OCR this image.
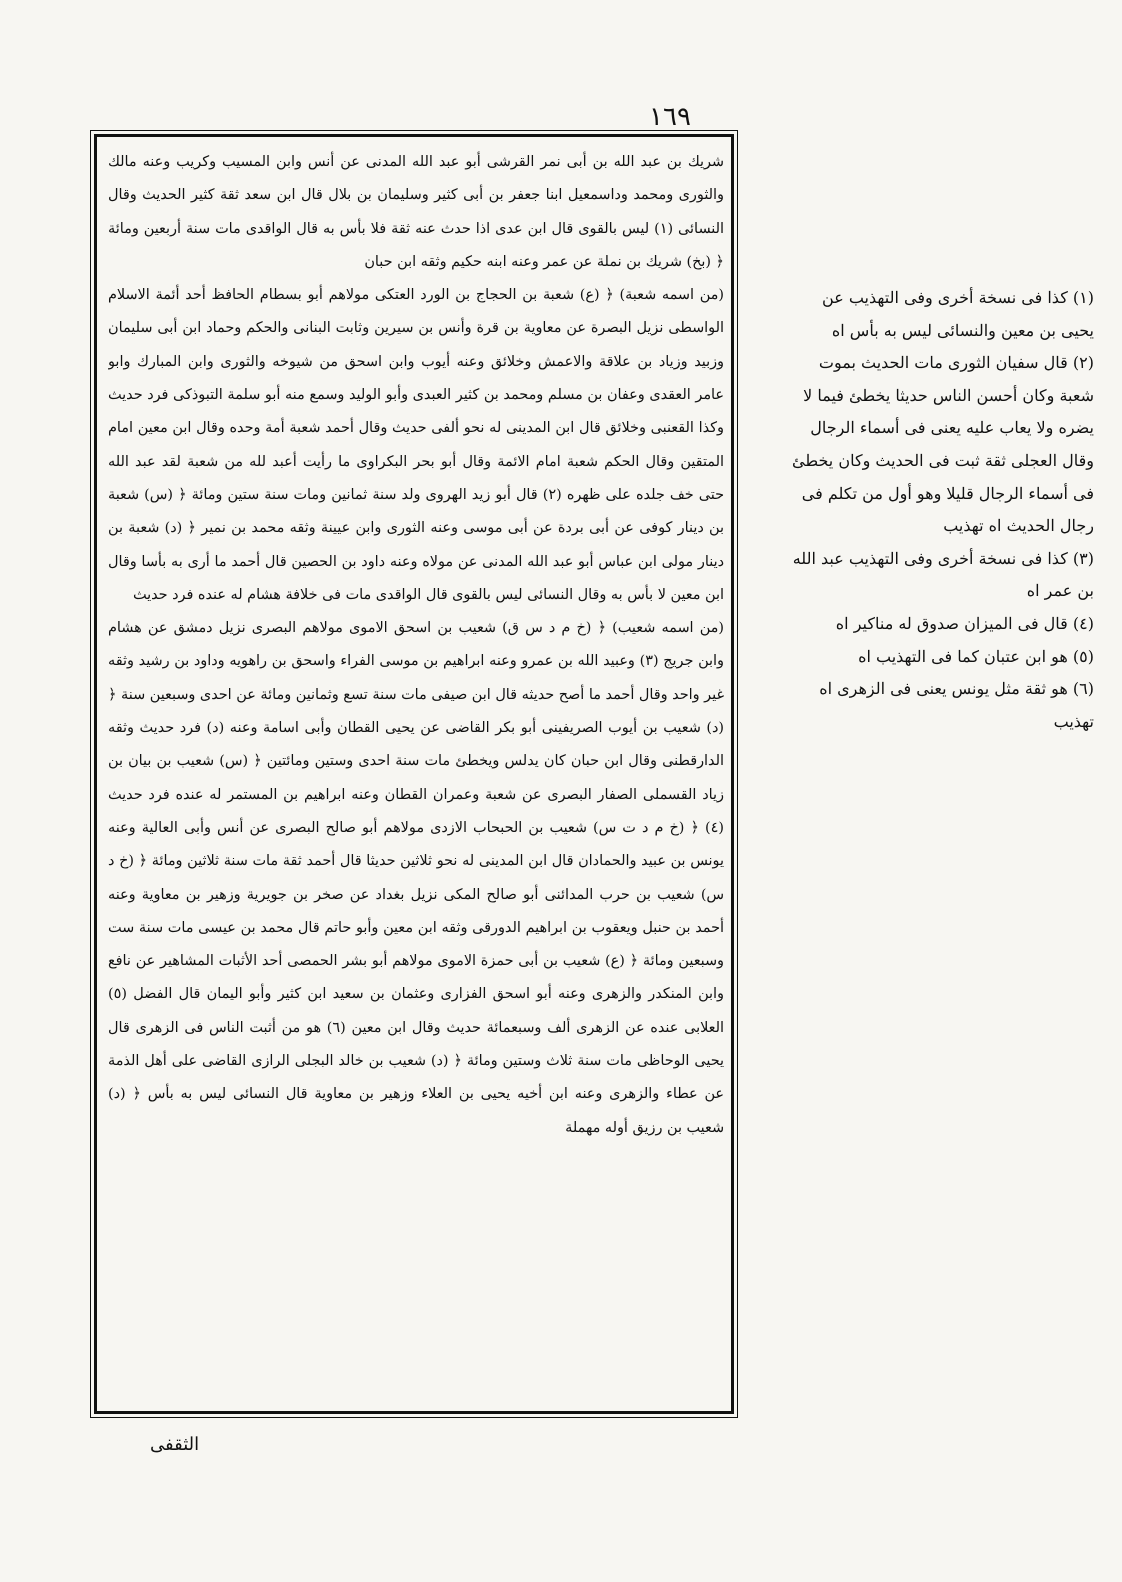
١٦٩

شريك بن عبد الله بن أبى نمر القرشى أبو عبد الله المدنى عن أنس وابن المسيب وكريب وعنه مالك والثورى ومحمد وداسمعيل ابنا جعفر بن أبى كثير وسليمان بن بلال قال ابن سعد ثقة كثير الحديث وقال النسائى (١) ليس بالقوى قال ابن عدى اذا حدث عنه ثقة فلا بأس به قال الواقدى مات سنة أربعين ومائة ﴿ (بخ) شريك بن نملة عن عمر وعنه ابنه حكيم وثقه ابن حبان

(من اسمه شعبة) ﴿ (ع) شعبة بن الحجاج بن الورد العتكى مولاهم أبو بسطام الحافظ أحد أئمة الاسلام الواسطى نزيل البصرة عن معاوية بن قرة وأنس بن سيرين وثابت البنانى والحكم وحماد ابن أبى سليمان وزبيد وزياد بن علاقة والاعمش وخلائق وعنه أيوب وابن اسحق من شيوخه والثورى وابن المبارك وابو عامر العقدى وعفان بن مسلم ومحمد بن كثير العبدى وأبو الوليد وسمع منه أبو سلمة التبوذكى فرد حديث وكذا القعنبى وخلائق قال ابن المدينى له نحو ألفى حديث وقال أحمد شعبة أمة وحده وقال ابن معين امام المتقين وقال الحكم شعبة امام الائمة وقال أبو بحر البكراوى ما رأيت أعبد لله من شعبة لقد عبد الله حتى خف جلده على ظهره (٢) قال أبو زيد الهروى ولد سنة ثمانين ومات سنة ستين ومائة ﴿ (س) شعبة بن دينار كوفى عن أبى بردة عن أبى موسى وعنه الثورى وابن عيينة وثقه محمد بن نمير ﴿ (د) شعبة بن دينار مولى ابن عباس أبو عبد الله المدنى عن مولاه وعنه داود بن الحصين قال أحمد ما أرى به بأسا وقال ابن معين لا بأس به وقال النسائى ليس بالقوى قال الواقدى مات فى خلافة هشام له عنده فرد حديث

(من اسمه شعيب) ﴿ (خ م د س ق) شعيب بن اسحق الاموى مولاهم البصرى نزيل دمشق عن هشام وابن جريج (٣) وعبيد الله بن عمرو وعنه ابراهيم بن موسى الفراء واسحق بن راهويه وداود بن رشيد وثقه غير واحد وقال أحمد ما أصح حديثه قال ابن صيفى مات سنة تسع وثمانين ومائة عن احدى وسبعين سنة ﴿ (د) شعيب بن أيوب الصريفينى أبو بكر القاضى عن يحيى القطان وأبى اسامة وعنه (د) فرد حديث وثقه الدارقطنى وقال ابن حبان كان يدلس ويخطئ مات سنة احدى وستين ومائتين ﴿ (س) شعيب بن بيان بن زياد القسملى الصفار البصرى عن شعبة وعمران القطان وعنه ابراهيم بن المستمر له عنده فرد حديث (٤) ﴿ (خ م د ت س) شعيب بن الحبحاب الازدى مولاهم أبو صالح البصرى عن أنس وأبى العالية وعنه يونس بن عبيد والحمادان قال ابن المدينى له نحو ثلاثين حديثا قال أحمد ثقة مات سنة ثلاثين ومائة ﴿ (خ د س) شعيب بن حرب المدائنى أبو صالح المكى نزيل بغداد عن صخر بن جويرية وزهير بن معاوية وعنه أحمد بن حنبل ويعقوب بن ابراهيم الدورقى وثقه ابن معين وأبو حاتم قال محمد بن عيسى مات سنة ست وسبعين ومائة ﴿ (ع) شعيب بن أبى حمزة الاموى مولاهم أبو بشر الحمصى أحد الأثبات المشاهير عن نافع وابن المنكدر والزهرى وعنه أبو اسحق الفزارى وعثمان بن سعيد ابن كثير وأبو اليمان قال الفضل (٥) العلابى عنده عن الزهرى ألف وسبعمائة حديث وقال ابن معين (٦) هو من أثبت الناس فى الزهرى قال يحيى الوحاظى مات سنة ثلاث وستين ومائة ﴿ (د) شعيب بن خالد البجلى الرازى القاضى على أهل الذمة عن عطاء والزهرى وعنه ابن أخيه يحيى بن العلاء وزهير بن معاوية قال النسائى ليس به بأس ﴿ (د) شعيب بن رزيق أوله مهملة

(١) كذا فى نسخة أخرى وفى التهذيب عن يحيى بن معين والنسائى ليس به بأس اه

(٢) قال سفيان الثورى مات الحديث بموت شعبة وكان أحسن الناس حديثا يخطئ فيما لا يضره ولا يعاب عليه يعنى فى أسماء الرجال وقال العجلى ثقة ثبت فى الحديث وكان يخطئ فى أسماء الرجال قليلا وهو أول من تكلم فى رجال الحديث اه تهذيب

(٣) كذا فى نسخة أخرى وفى التهذيب عبد الله بن عمر اه

(٤) قال فى الميزان صدوق له مناكير اه

(٥) هو ابن عتبان كما فى التهذيب اه

(٦) هو ثقة مثل يونس يعنى فى الزهرى اه تهذيب

الثقفى
